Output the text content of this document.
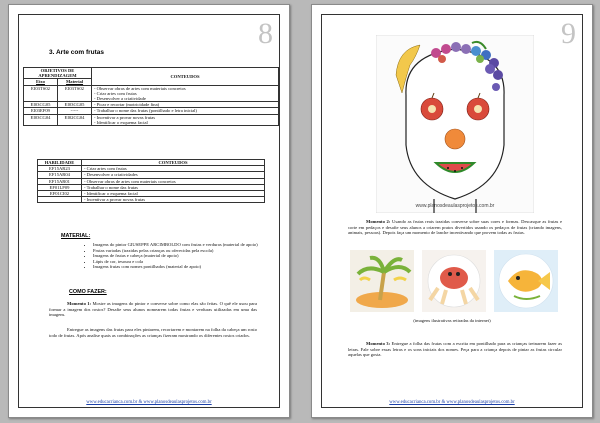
8
3. Arte com frutas
OBJETIVOS DE APRENDIZAGEM		CONTEUDOS
Eixo	Material	
EI03TS02	EI03TS02	- Observar obras de artes com materiais concretos
- Criar artes com frutas
- Desenvolver a criatividade

EI03CG05	EI03CG05	- Picar e recortar (motricidade fina)

EI03EF09	-----	- Trabalhar o nome das frutas (pontilhado e letra inicial)

EI03CG04	EI02CG04	- Incentivar a provar novas frutas
- Identificar o esquema facial
HABILIDADE	CONTEUDOS
EF15AR23	- Criar artes com frutas
EF15AR04	- Desenvolver a criatividades
EF15AR01	- Observar obras de artes com materiais concretos
EF01LP09	- Trabalhar o nome das frutas
EF01CI02	- Identificar o esquema facial
	- Incentivar a provar novas frutas
MATERIAL:
• Imagens do pintor GIUSEPPE ARCIMBOLDO com frutas e verduras (material de apoio)
• Frutas variadas (trazidas pelas crianças ou oferecidas pela escola)
• Imagens de frutas e cabeça (material de apoio)
• Lápis de cor, tesoura e cola
• Imagens frutas com nomes pontilhados (material de apoio)
COMO FAZER:
Momento 1: Mostre as imagens do pintor e converse sobre como elas são feitas. O quê ele usou para formar a imagem dos rostos? Desafie seus alunos nomearem todas frutas e verduras utilizadas em uma das imagens.
Entregue as imagens das frutas para eles pintarem, recortarem e montarem na folha da cabeça um rosto todo de frutas. Após analise quais as combinações as crianças fizeram mostrando os diferentes rostos criados.
www.educacrianca.com.br & www.planosdeaulasprojetos.com.br
9
www.planosdeaulasprojetos.com.br
Momento 2: Usando as frutas reais trazidas converse sobre suas cores e formas. Descasque as frutas e corte em pedaços e desafie seus alunos a criarem pratos divertidos usando os pedaços de frutas (criando imagens, animais, pessoas). Depois faça um momento de lanche incentivando que provem todas as frutas.
(imagens ilustrativas retiradas da internet)
Momento 3: Entregue a folha das frutas com a escrita em pontilhado para as crianças treinarem fazer as letras. Fale sobre essas letras e os sons iniciais dos nomes. Peça para a criança depois de pintar as frutas circular aquelas que gosta.
www.educacrianca.com.br & www.planosdeaulasprojetos.com.br
